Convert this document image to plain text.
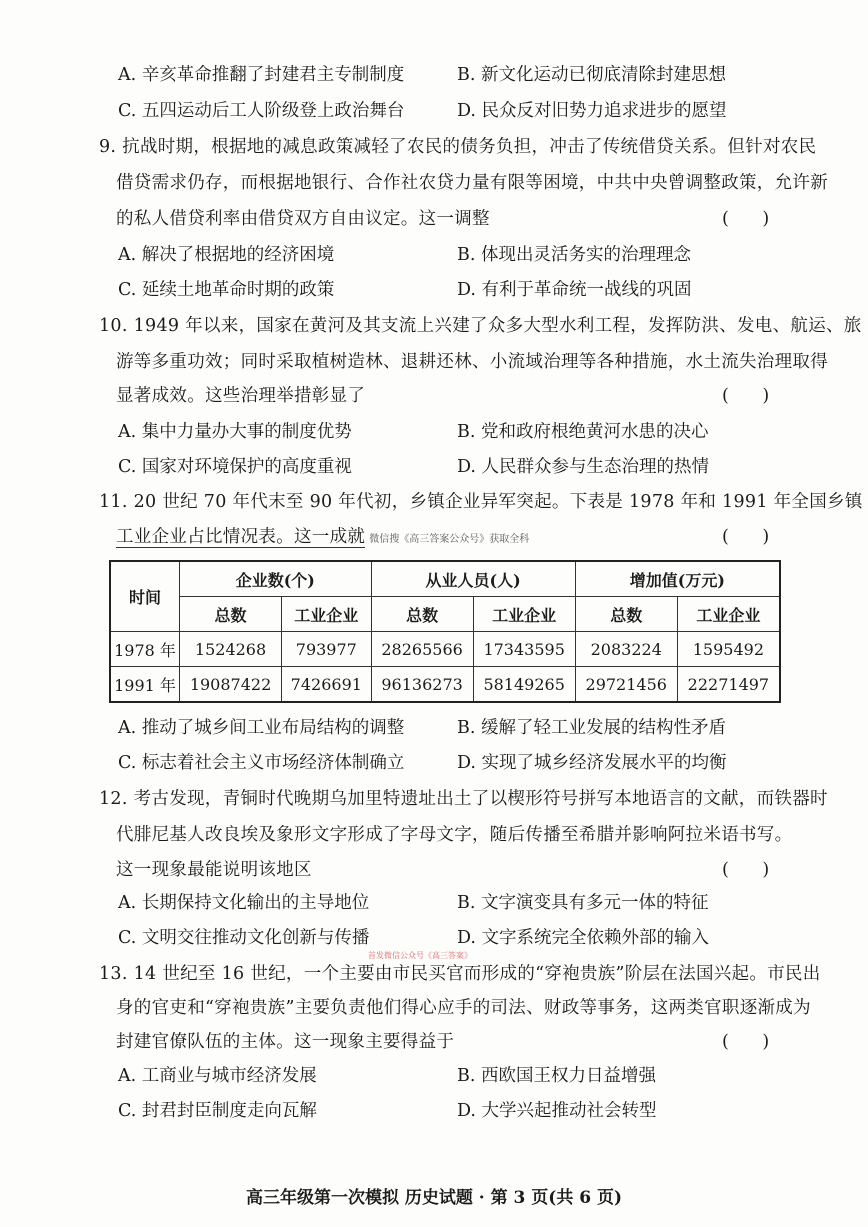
A. 辛亥革命推翻了封建君主专制制度	B. 新文化运动已彻底清除封建思想
C. 五四运动后工人阶级登上政治舞台	D. 民众反对旧势力追求进步的愿望
9. 抗战时期，根据地的减息政策减轻了农民的债务负担，冲击了传统借贷关系。但针对农民
借贷需求仍存，而根据地银行、合作社农贷力量有限等困境，中共中央曾调整政策，允许新
的私人借贷利率由借贷双方自由议定。这一调整	( )
A. 解决了根据地的经济困境	B. 体现出灵活务实的治理理念
C. 延续土地革命时期的政策	D. 有利于革命统一战线的巩固
10. 1949 年以来，国家在黄河及其支流上兴建了众多大型水利工程，发挥防洪、发电、航运、旅
游等多重功效；同时采取植树造林、退耕还林、小流域治理等各种措施，水土流失治理取得
显著成效。这些治理举措彰显了	( )
A. 集中力量办大事的制度优势	B. 党和政府根绝黄河水患的决心
C. 国家对环境保护的高度重视	D. 人民群众参与生态治理的热情
11. 20 世纪 70 年代末至 90 年代初，乡镇企业异军突起。下表是 1978 年和 1991 年全国乡镇
工业企业占比情况表。这一成就 微信搜《高三答案公众号》获取全科	( )
时间	企业数(个)		从业人员(人)		增加值(万元)	
	总数	工业企业	总数	工业企业	总数	工业企业
1978 年	1524268	793977	28265566	17343595	2083224	1595492
1991 年	19087422	7426691	96136273	58149265	29721456	22271497
A. 推动了城乡间工业布局结构的调整	B. 缓解了轻工业发展的结构性矛盾
C. 标志着社会主义市场经济体制确立	D. 实现了城乡经济发展水平的均衡
12. 考古发现，青铜时代晚期乌加里特遗址出土了以楔形符号拼写本地语言的文献，而铁器时
代腓尼基人改良埃及象形文字形成了字母文字，随后传播至希腊并影响阿拉米语书写。
这一现象最能说明该地区	( )
A. 长期保持文化输出的主导地位	B. 文字演变具有多元一体的特征
C. 文明交往推动文化创新与传播	D. 文字系统完全依赖外部的输入
首发微信公众号《高三答案》
13. 14 世纪至 16 世纪，一个主要由市民买官而形成的“穿袍贵族”阶层在法国兴起。市民出
身的官吏和“穿袍贵族”主要负责他们得心应手的司法、财政等事务，这两类官职逐渐成为
封建官僚队伍的主体。这一现象主要得益于	( )
A. 工商业与城市经济发展	B. 西欧国王权力日益增强
C. 封君封臣制度走向瓦解	D. 大学兴起推动社会转型
高三年级第一次模拟 历史试题 · 第 3 页(共 6 页)
